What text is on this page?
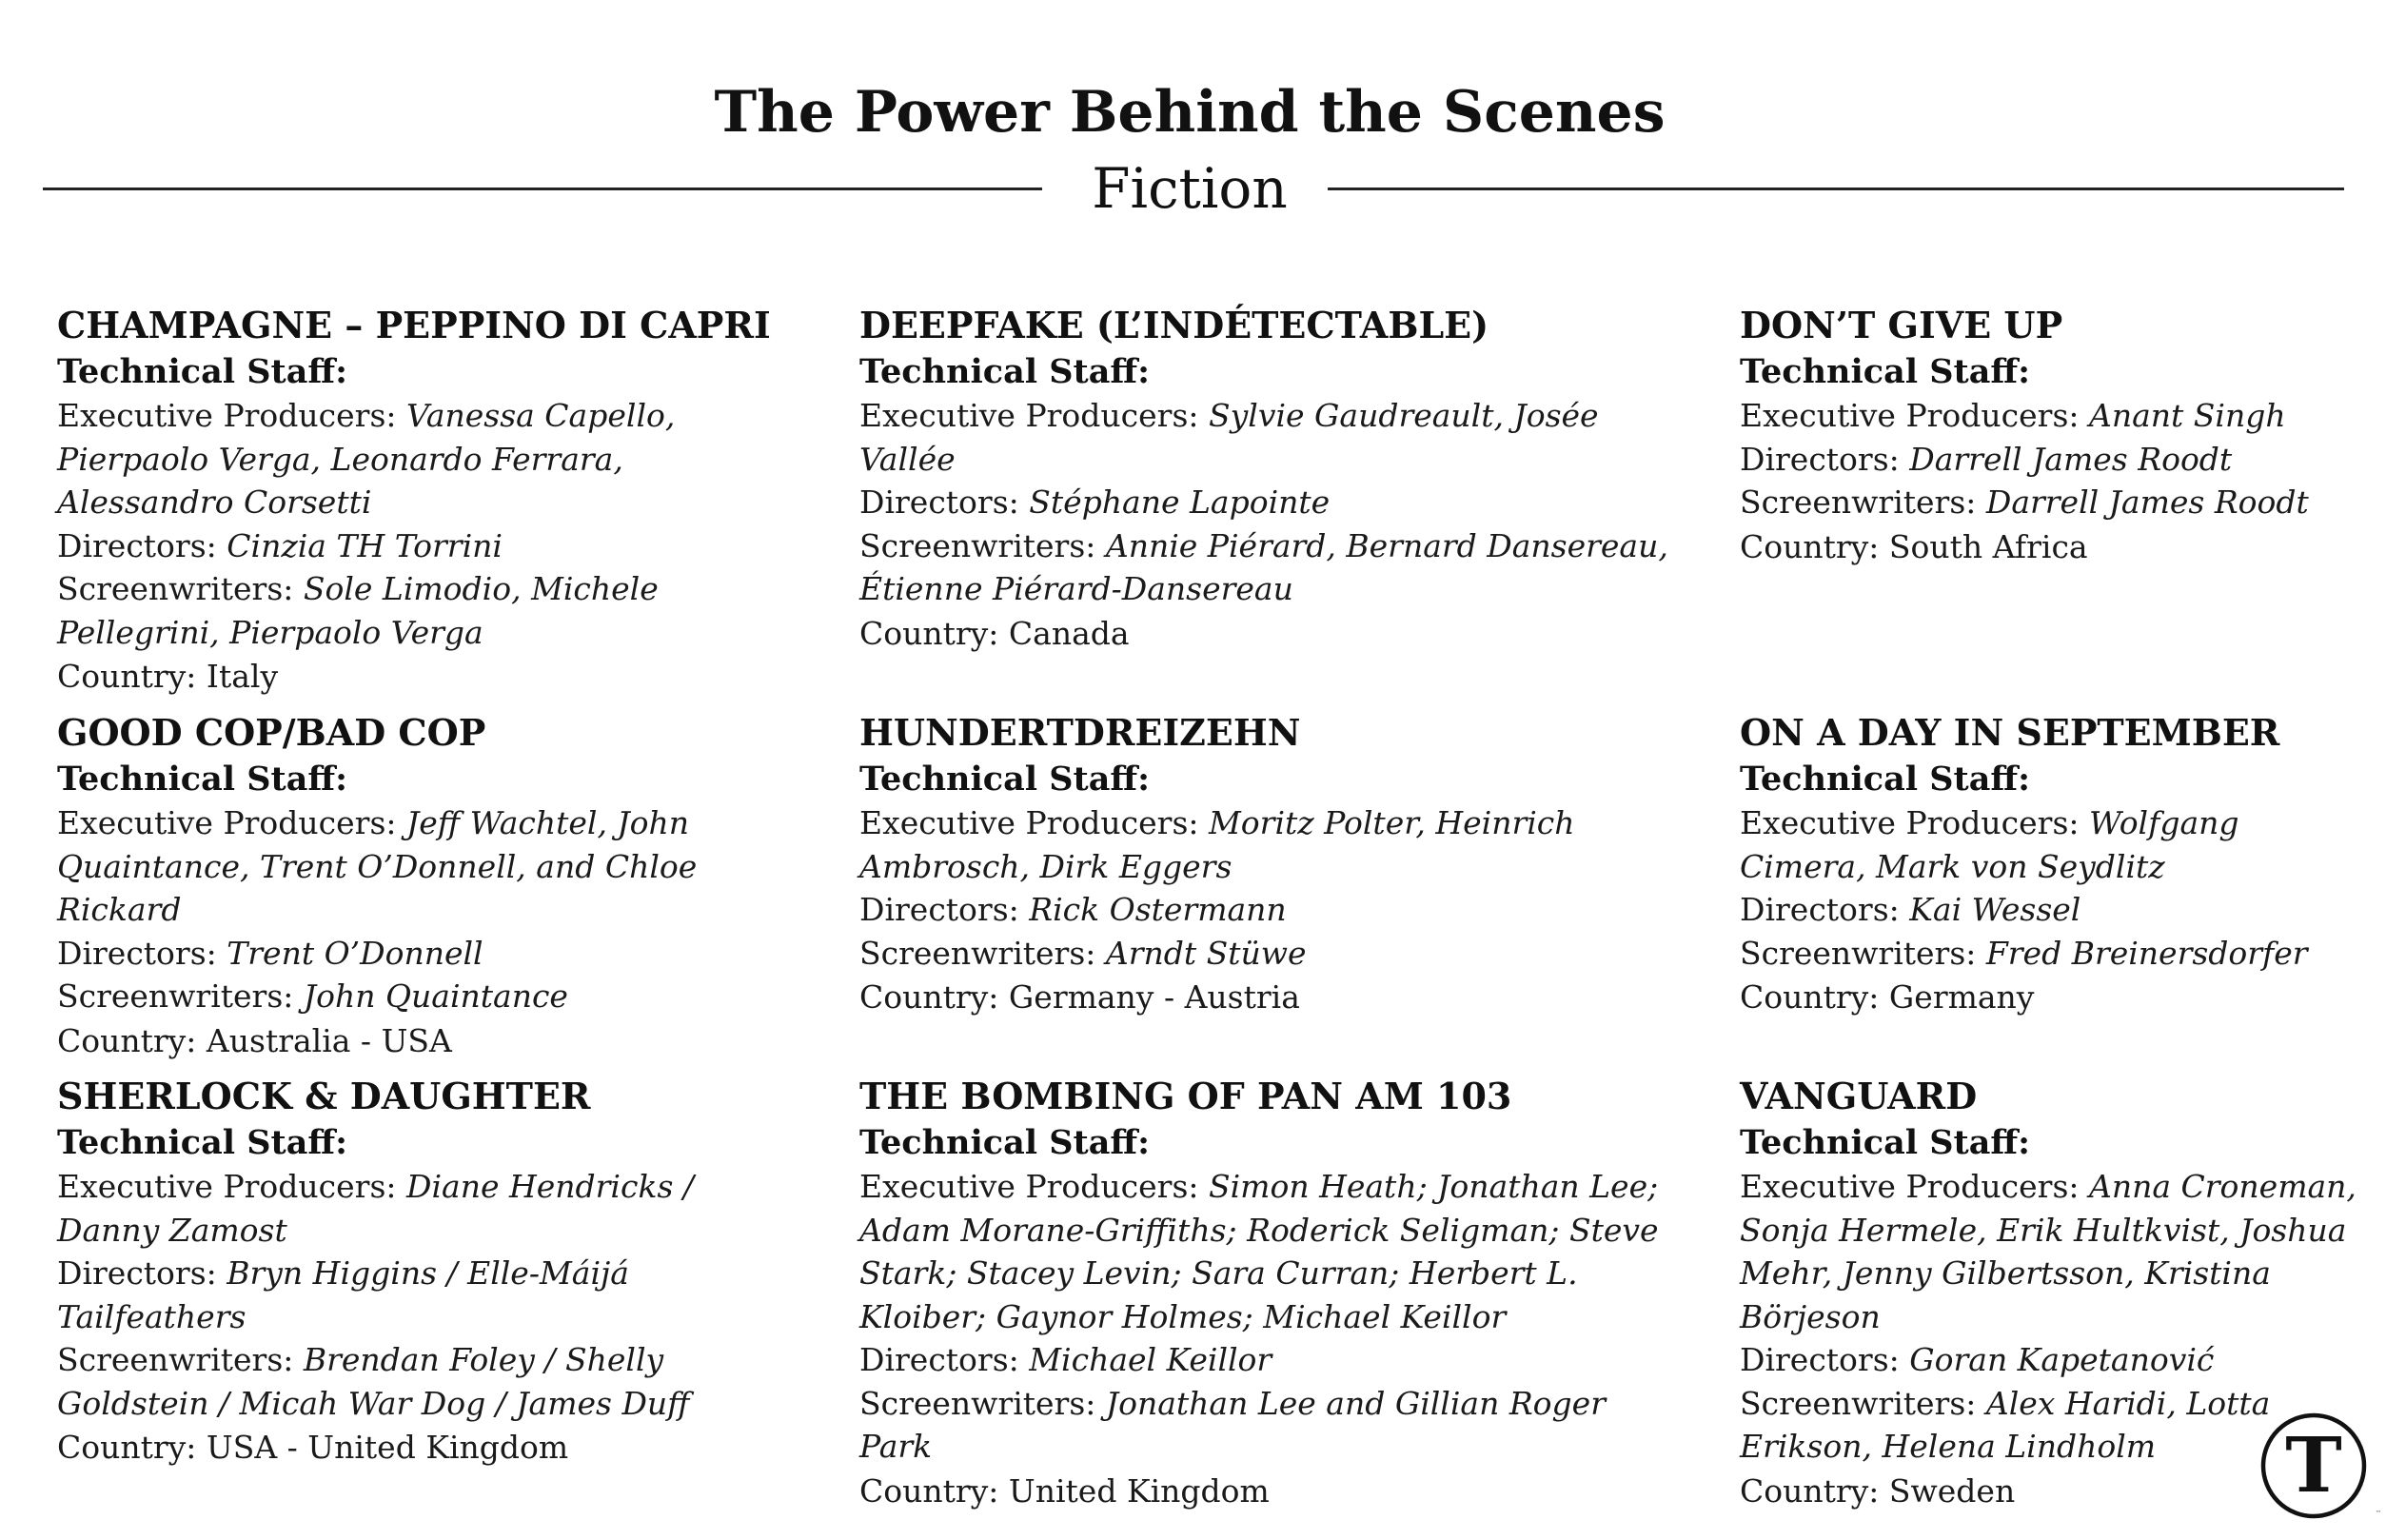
The Power Behind the Scenes
Fiction
CHAMPAGNE – PEPPINO DI CAPRI
Technical Staff:
Executive Producers: Vanessa Capello, Pierpaolo Verga, Leonardo Ferrara, Alessandro Corsetti
Directors: Cinzia TH Torrini
Screenwriters: Sole Limodio, Michele Pellegrini, Pierpaolo Verga
Country: Italy
DEEPFAKE (L’INDÉTECTABLE)
Technical Staff:
Executive Producers: Sylvie Gaudreault, Josée Vallée
Directors: Stéphane Lapointe
Screenwriters: Annie Piérard, Bernard Dansereau, Étienne Piérard-Dansereau
Country: Canada
DON’T GIVE UP
Technical Staff:
Executive Producers: Anant Singh
Directors: Darrell James Roodt
Screenwriters: Darrell James Roodt
Country: South Africa
GOOD COP/BAD COP
Technical Staff:
Executive Producers: Jeff Wachtel, John Quaintance, Trent O’Donnell, and Chloe Rickard
Directors: Trent O’Donnell
Screenwriters: John Quaintance
Country: Australia - USA
HUNDERTDREIZEHN
Technical Staff:
Executive Producers: Moritz Polter, Heinrich Ambrosch, Dirk Eggers
Directors: Rick Ostermann
Screenwriters: Arndt Stüwe
Country: Germany - Austria
ON A DAY IN SEPTEMBER
Technical Staff:
Executive Producers: Wolfgang Cimera, Mark von Seydlitz
Directors: Kai Wessel
Screenwriters: Fred Breinersdorfer
Country: Germany
SHERLOCK & DAUGHTER
Technical Staff:
Executive Producers: Diane Hendricks / Danny Zamost
Directors: Bryn Higgins / Elle-Máijá Tailfeathers
Screenwriters: Brendan Foley / Shelly Goldstein / Micah War Dog / James Duff
Country: USA - United Kingdom
THE BOMBING OF PAN AM 103
Technical Staff:
Executive Producers: Simon Heath; Jonathan Lee; Adam Morane-Griffiths; Roderick Seligman; Steve Stark; Stacey Levin; Sara Curran; Herbert L. Kloiber; Gaynor Holmes; Michael Keillor
Directors: Michael Keillor
Screenwriters: Jonathan Lee and Gillian Roger Park
Country: United Kingdom
VANGUARD
Technical Staff:
Executive Producers: Anna Croneman, Sonja Hermele, Erik Hultkvist, Joshua Mehr, Jenny Gilbertsson, Kristina Börjeson
Directors: Goran Kapetanović
Screenwriters: Alex Haridi, Lotta Erikson, Helena Lindholm
Country: Sweden	T
™
